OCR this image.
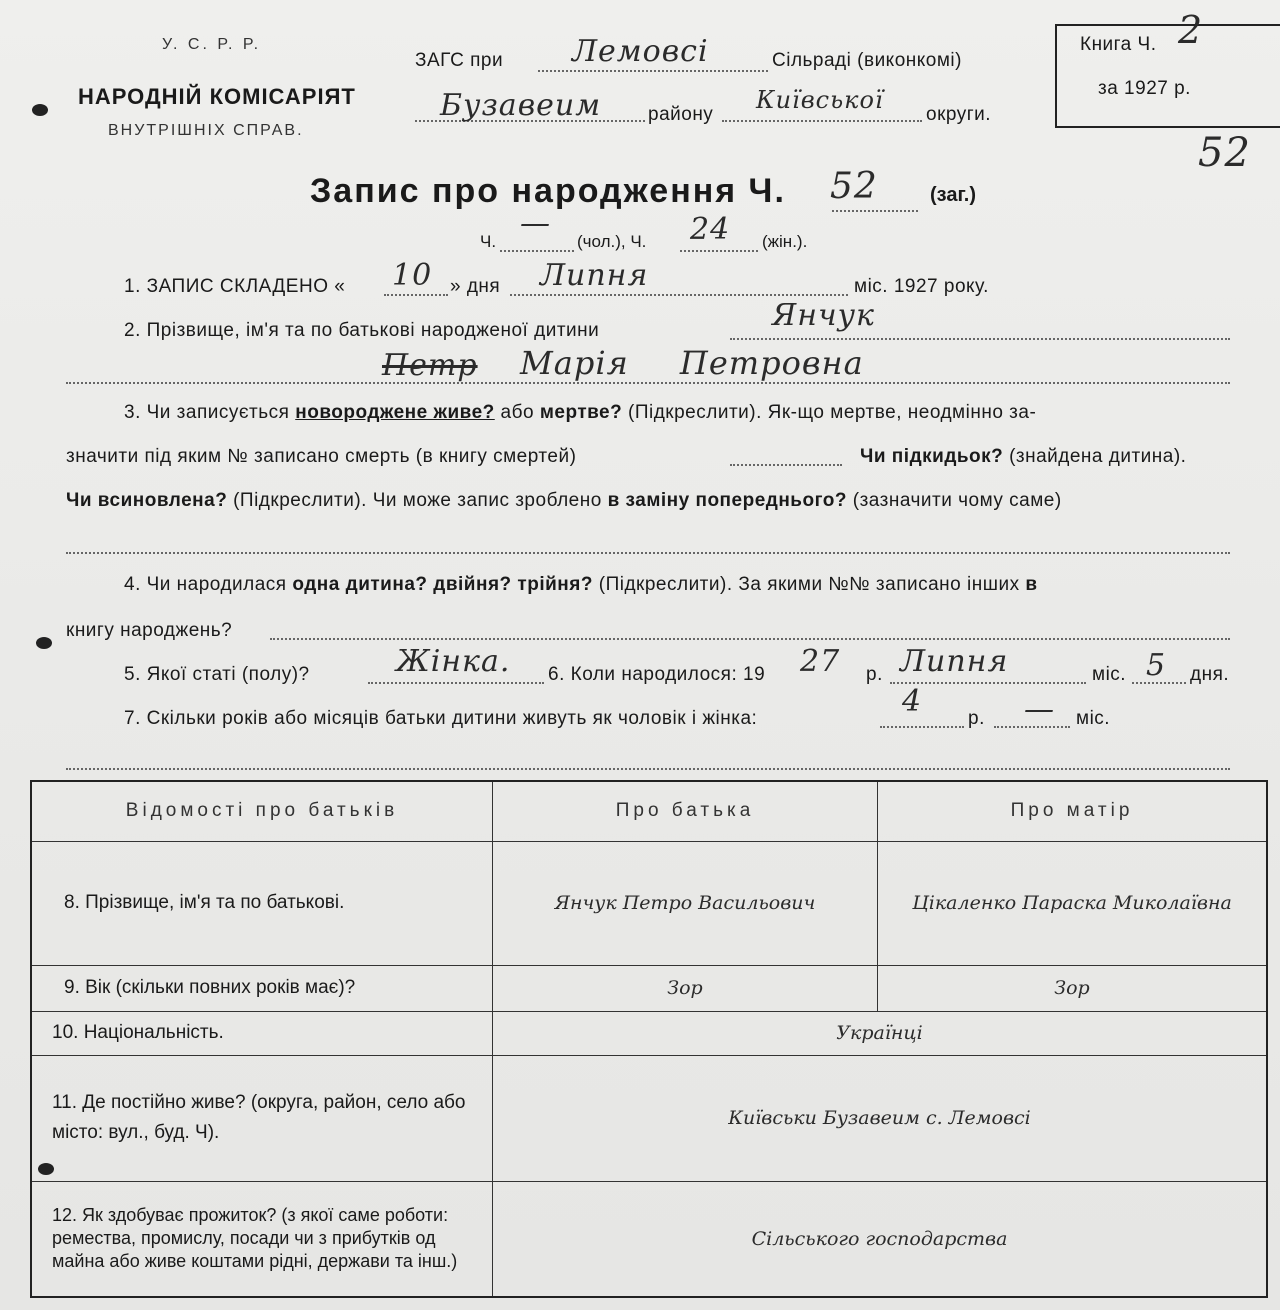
У. С. Р. Р.
НАРОДНІЙ КОМІСАРІЯТ
ВНУТРІШНІХ СПРАВ.
ЗАГС при Лемовсі	Сільраді (виконкомі)
Бузавеим району
Київської
округи.
Книга Ч. 2
за 1927 р.
52
Запис про народження Ч. 52	(заг.)
Ч.
—
(чол.), Ч. 24 (жін.).
1. ЗАПИС СКЛАДЕНО « 10 » дня Липня	міс. 1927 року.
2. Прізвище, ім'я та по батькові народженої дитини	Янчук
Петр Марія Петровна
3. Чи записується новороджене живе? або мертве? (Підкреслити). Як-що мертве, неодмінно за-
значити під яким № записано смерть (в книгу смертей)	Чи підкидьок? (знайдена дитина).
Чи всиновлена? (Підкреслити). Чи може запис зроблено в заміну попереднього? (зазначити чому саме)
4. Чи народилася одна дитина? двійня? трійня? (Підкреслити). За якими №№ записано інших в
книгу народжень?
5. Якої статі (полу)?	Жінка. 6. Коли народилося: 19 27 р. Липня	міс. 5 дня.
7. Скільки років або місяців батьки дитини живуть як чоловік і жінка:	4 р. — міс.
Відомості про батьків	Про батька	Про матір
8. Прізвище, ім'я та по батькові.	Янчук Петро Васильович	Цікаленко Параска Миколаївна
9. Вік (скільки повних років має)?	Зор	Зор
10. Національність.	Українці	
11. Де постійно живе? (округа, район, село або місто: вул., буд. Ч).	Київськи Бузавеим с. Лемовсі	
12. Як здобуває прожиток? (з якої саме роботи: ремества, промислу, посади чи з прибутків од майна або живе коштами рідні, держави та інш.)	Сільського господарства	
